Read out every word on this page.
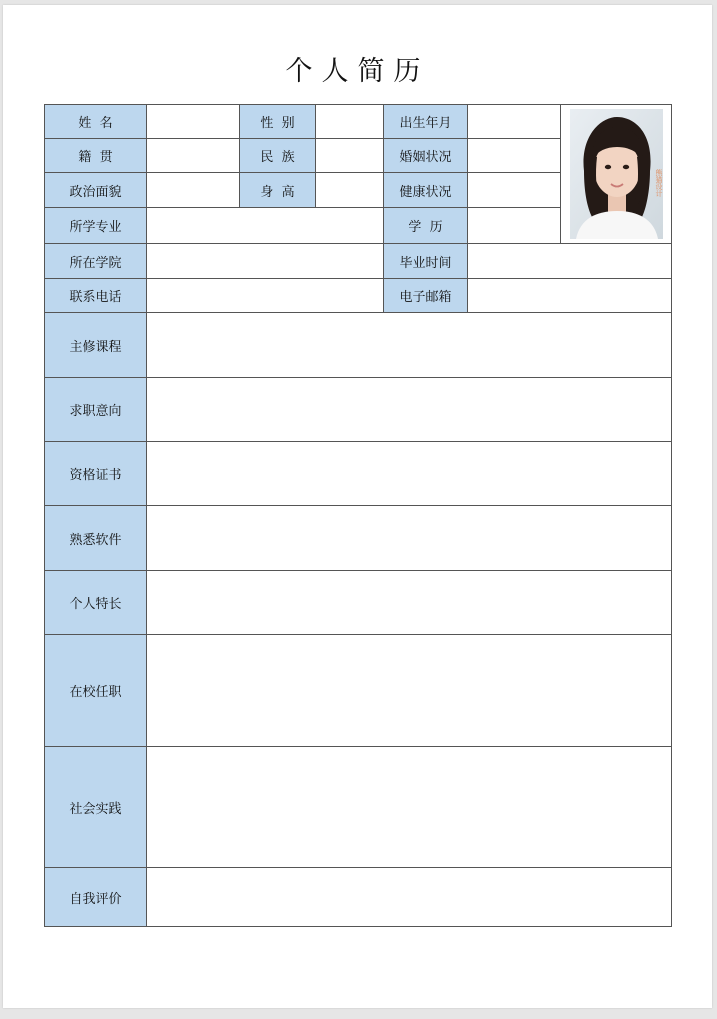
个人简历
姓  名		性  别		出生年月		熊猫设计

籍  贯		民  族		婚姻状况		
政治面貌		身  高		健康状况		
所学专业				学  历		
所在学院				毕业时间		
联系电话				电子邮箱		
主修课程						
求职意向						
资格证书						
熟悉软件						
个人特长						
在校任职						
社会实践						
自我评价						
